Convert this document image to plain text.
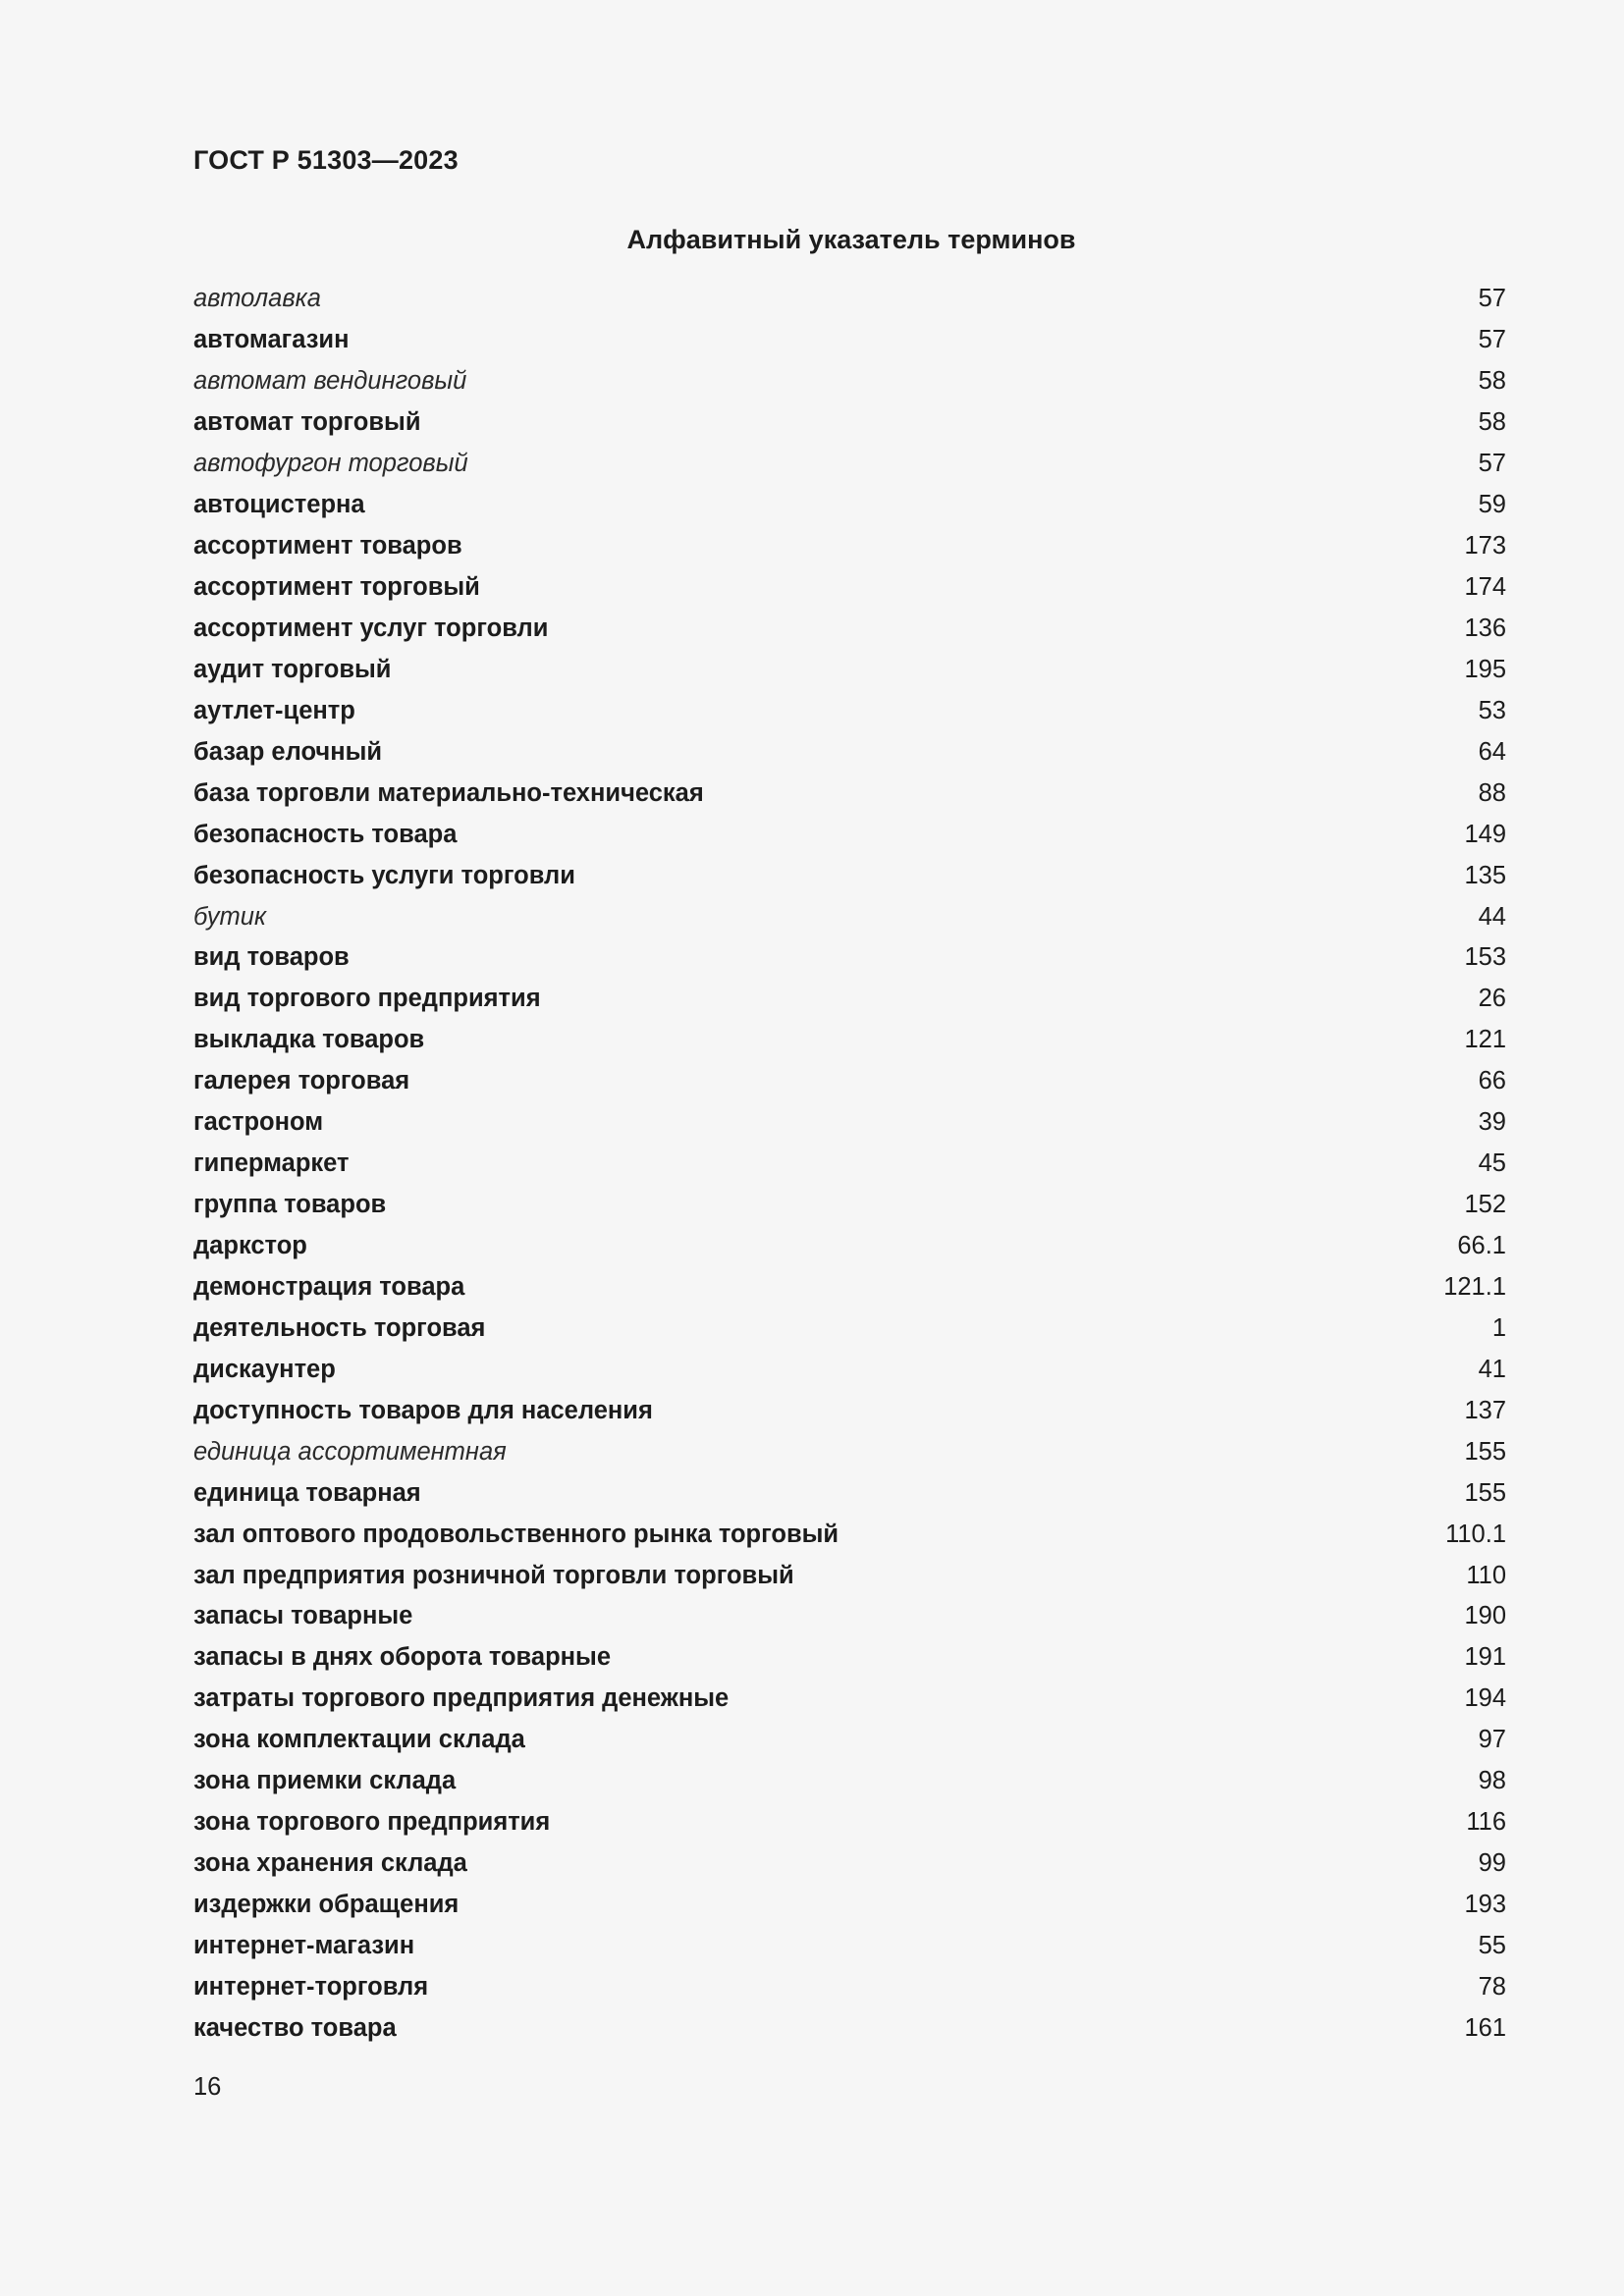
ГОСТ Р 51303—2023
Алфавитный указатель терминов
автолавка	57
автомагазин	57
автомат вендинговый	58
автомат торговый	58
автофургон торговый	57
автоцистерна	59
ассортимент товаров	173
ассортимент торговый	174
ассортимент услуг торговли	136
аудит торговый	195
аутлет-центр	53
базар елочный	64
база торговли материально-техническая	88
безопасность товара	149
безопасность услуги торговли	135
бутик	44
вид товаров	153
вид торгового предприятия	26
выкладка товаров	121
галерея торговая	66
гастроном	39
гипермаркет	45
группа товаров	152
даркстор	66.1
демонстрация товара	121.1
деятельность торговая	1
дискаунтер	41
доступность товаров для населения	137
единица ассортиментная	155
единица товарная	155
зал оптового продовольственного рынка торговый	110.1
зал предприятия розничной торговли торговый	110
запасы товарные	190
запасы в днях оборота товарные	191
затраты торгового предприятия денежные	194
зона комплектации склада	97
зона приемки склада	98
зона торгового предприятия	116
зона хранения склада	99
издержки обращения	193
интернет-магазин	55
интернет-торговля	78
качество товара	161
16
